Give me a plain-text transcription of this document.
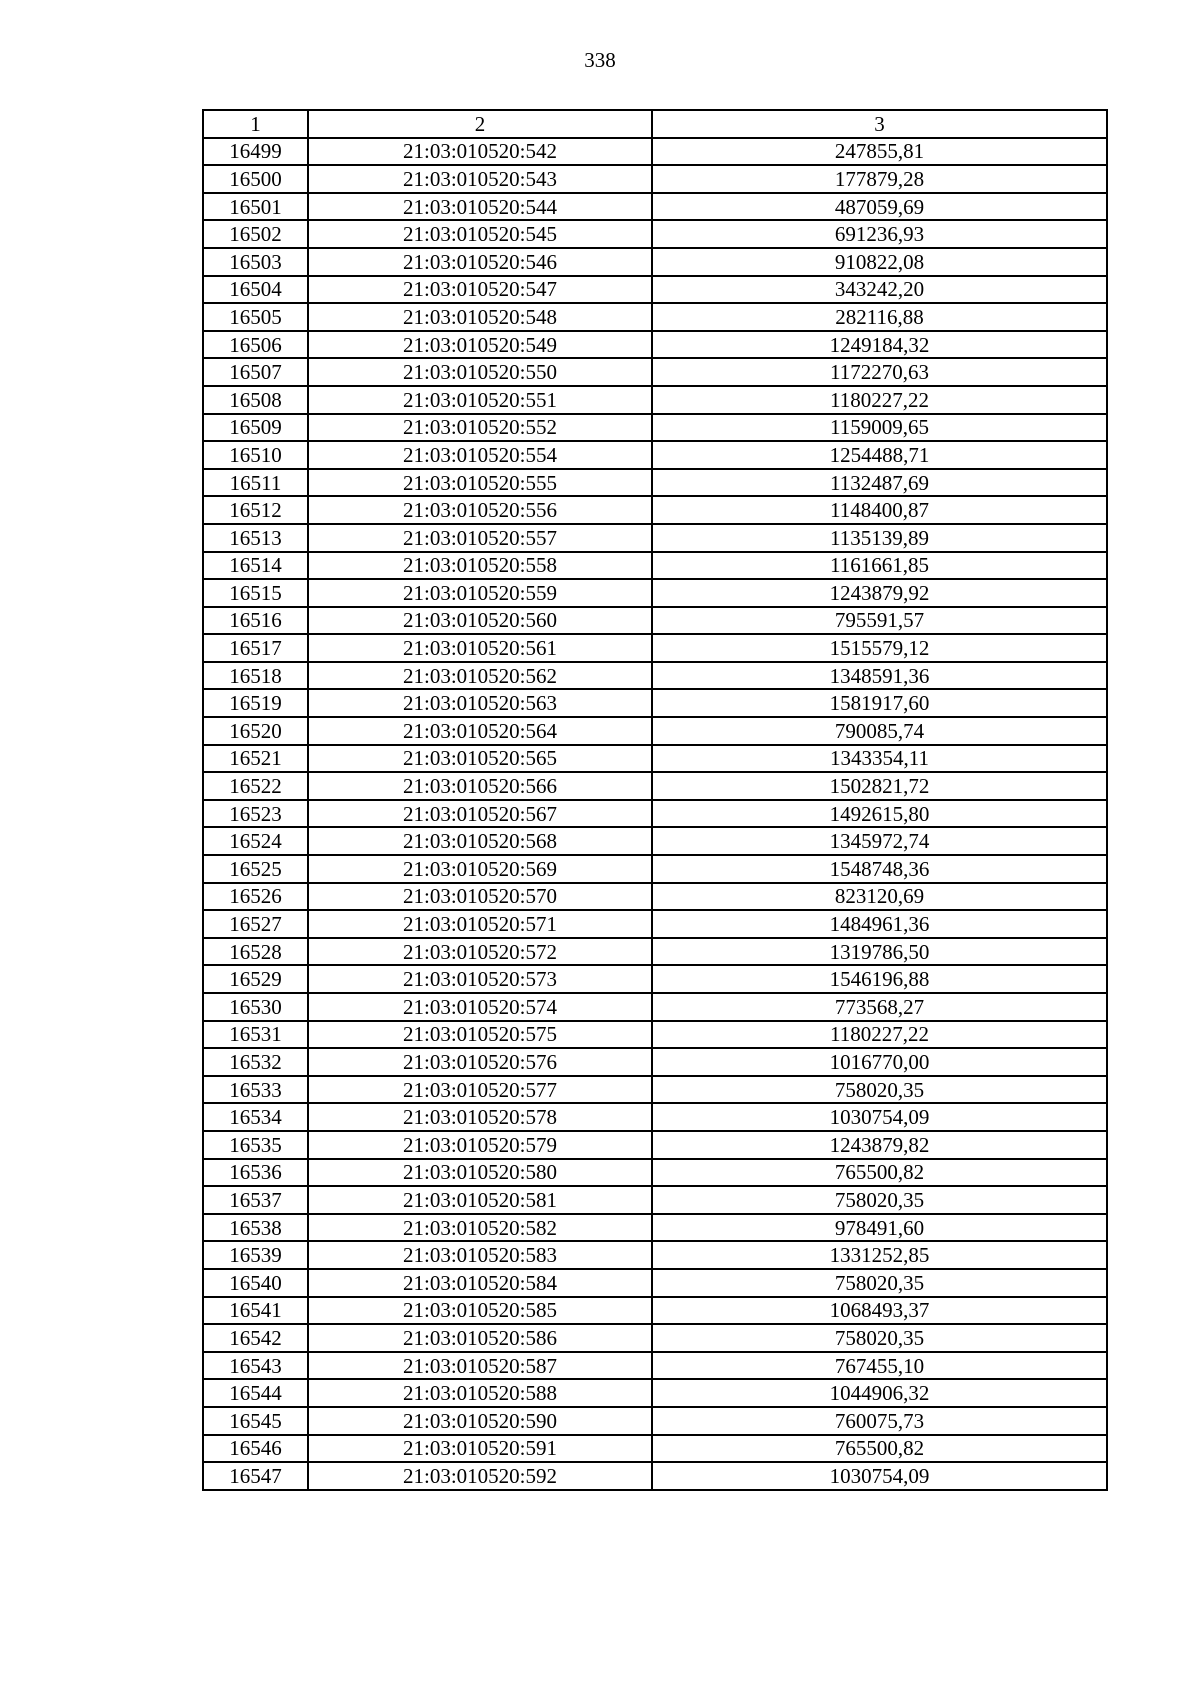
338
1	2	3
16499	21:03:010520:542	247855,81
16500	21:03:010520:543	177879,28
16501	21:03:010520:544	487059,69
16502	21:03:010520:545	691236,93
16503	21:03:010520:546	910822,08
16504	21:03:010520:547	343242,20
16505	21:03:010520:548	282116,88
16506	21:03:010520:549	1249184,32
16507	21:03:010520:550	1172270,63
16508	21:03:010520:551	1180227,22
16509	21:03:010520:552	1159009,65
16510	21:03:010520:554	1254488,71
16511	21:03:010520:555	1132487,69
16512	21:03:010520:556	1148400,87
16513	21:03:010520:557	1135139,89
16514	21:03:010520:558	1161661,85
16515	21:03:010520:559	1243879,92
16516	21:03:010520:560	795591,57
16517	21:03:010520:561	1515579,12
16518	21:03:010520:562	1348591,36
16519	21:03:010520:563	1581917,60
16520	21:03:010520:564	790085,74
16521	21:03:010520:565	1343354,11
16522	21:03:010520:566	1502821,72
16523	21:03:010520:567	1492615,80
16524	21:03:010520:568	1345972,74
16525	21:03:010520:569	1548748,36
16526	21:03:010520:570	823120,69
16527	21:03:010520:571	1484961,36
16528	21:03:010520:572	1319786,50
16529	21:03:010520:573	1546196,88
16530	21:03:010520:574	773568,27
16531	21:03:010520:575	1180227,22
16532	21:03:010520:576	1016770,00
16533	21:03:010520:577	758020,35
16534	21:03:010520:578	1030754,09
16535	21:03:010520:579	1243879,82
16536	21:03:010520:580	765500,82
16537	21:03:010520:581	758020,35
16538	21:03:010520:582	978491,60
16539	21:03:010520:583	1331252,85
16540	21:03:010520:584	758020,35
16541	21:03:010520:585	1068493,37
16542	21:03:010520:586	758020,35
16543	21:03:010520:587	767455,10
16544	21:03:010520:588	1044906,32
16545	21:03:010520:590	760075,73
16546	21:03:010520:591	765500,82
16547	21:03:010520:592	1030754,09
